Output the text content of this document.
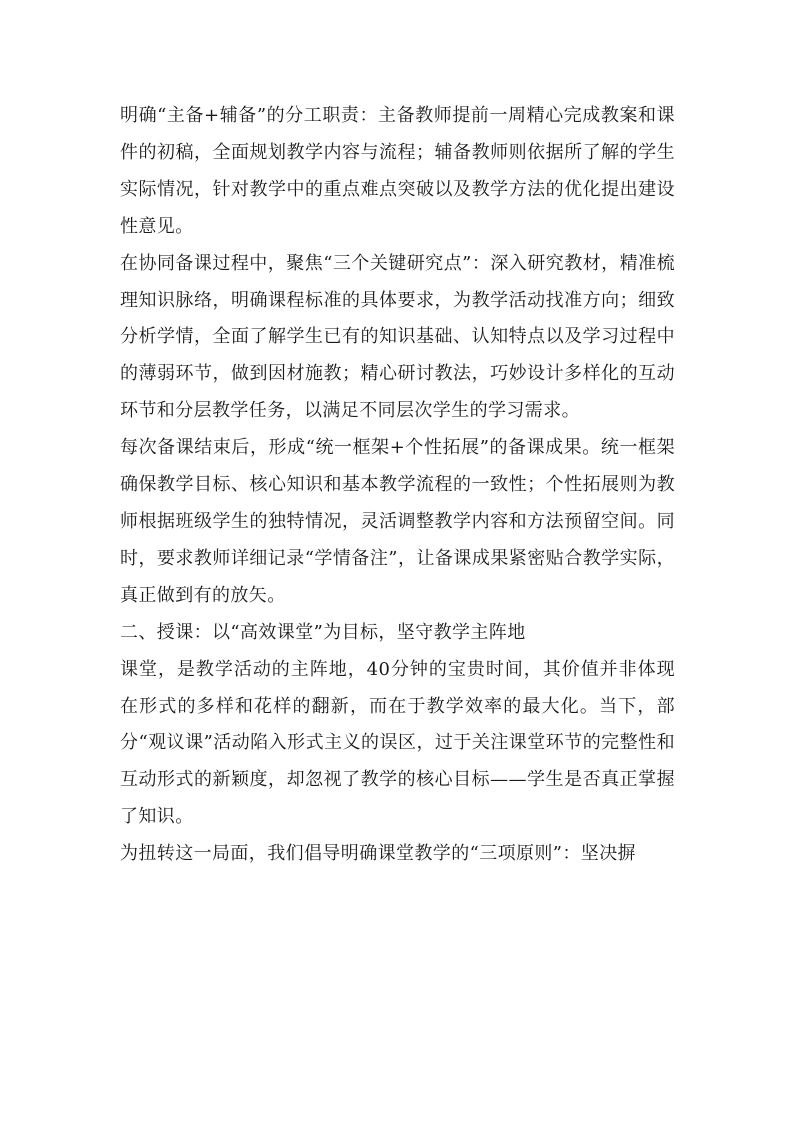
明确“主备+辅备”的分工职责：主备教师提前一周精心完成教案和课件的初稿，全面规划教学内容与流程；辅备教师则依据所了解的学生实际情况，针对教学中的重点难点突破以及教学方法的优化提出建设性意见。

在协同备课过程中，聚焦“三个关键研究点”：深入研究教材，精准梳理知识脉络，明确课程标准的具体要求，为教学活动找准方向；细致分析学情，全面了解学生已有的知识基础、认知特点以及学习过程中的薄弱环节，做到因材施教；精心研讨教法，巧妙设计多样化的互动环节和分层教学任务，以满足不同层次学生的学习需求。

每次备课结束后，形成“统一框架+个性拓展”的备课成果。统一框架确保教学目标、核心知识和基本教学流程的一致性；个性拓展则为教师根据班级学生的独特情况，灵活调整教学内容和方法预留空间。同时，要求教师详细记录“学情备注”，让备课成果紧密贴合教学实际，真正做到有的放矢。

二、授课：以“高效课堂”为目标，坚守教学主阵地

课堂，是教学活动的主阵地，40分钟的宝贵时间，其价值并非体现在形式的多样和花样的翻新，而在于教学效率的最大化。当下，部分“观议课”活动陷入形式主义的误区，过于关注课堂环节的完整性和互动形式的新颖度，却忽视了教学的核心目标——学生是否真正掌握了知识。

为扭转这一局面，我们倡导明确课堂教学的“三项原则”：坚决摒
